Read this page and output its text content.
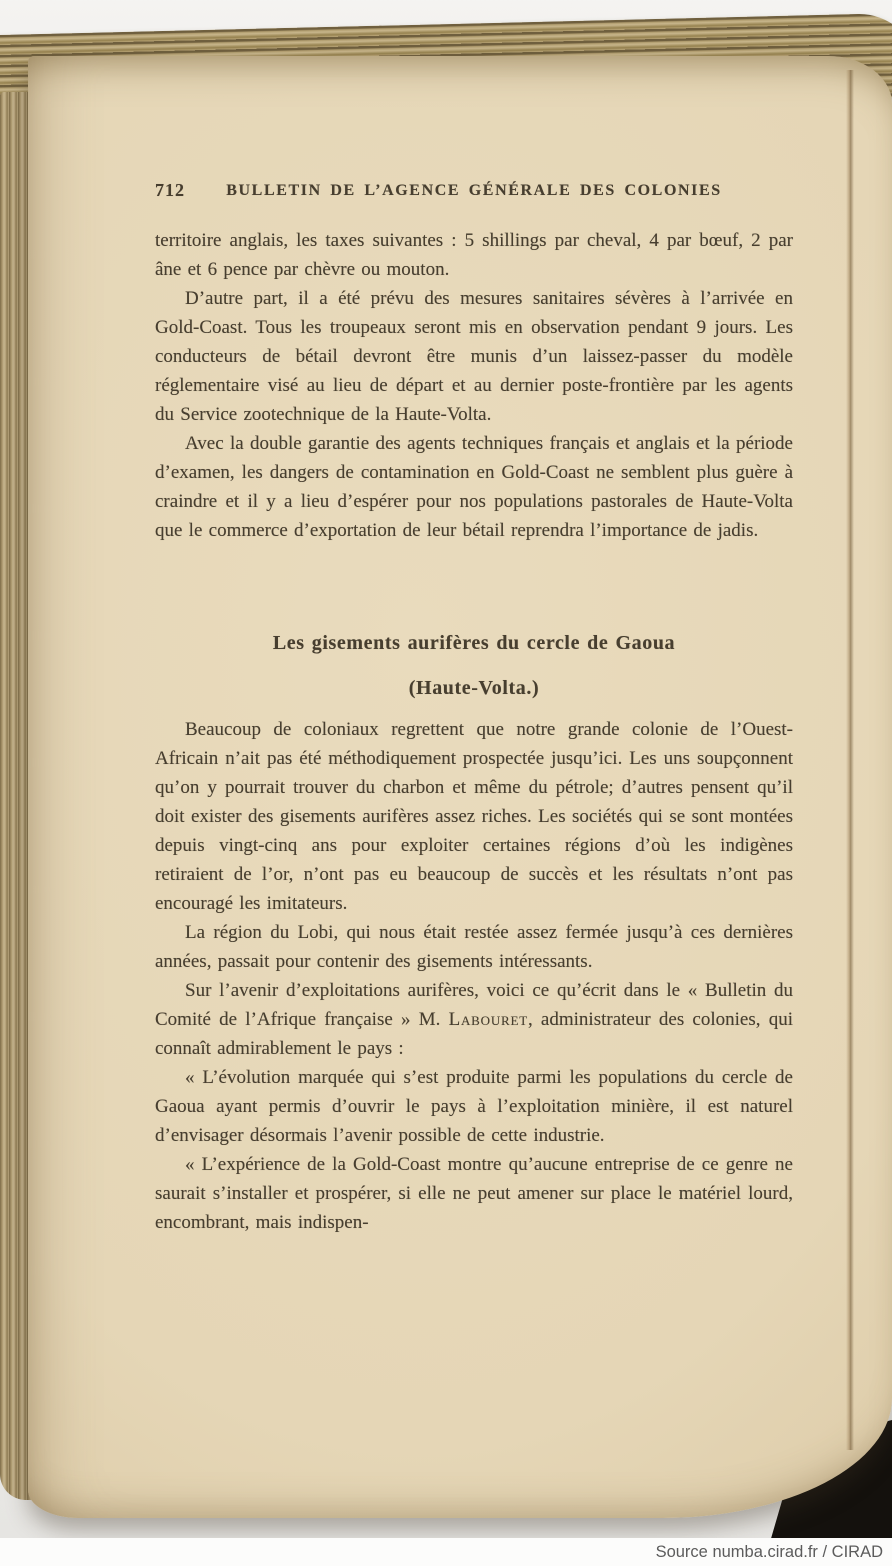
712	BULLETIN DE L’AGENCE GÉNÉRALE DES COLONIES

territoire anglais, les taxes suivantes : 5 shillings par cheval, 4 par bœuf, 2 par âne et 6 pence par chèvre ou mouton.

D’autre part, il a été prévu des mesures sanitaires sévères à l’arrivée en Gold-Coast. Tous les troupeaux seront mis en observation pendant 9 jours. Les conducteurs de bétail devront être munis d’un laissez-passer du modèle réglementaire visé au lieu de départ et au dernier poste-frontière par les agents du Service zootechnique de la Haute-Volta.

Avec la double garantie des agents techniques français et anglais et la période d’examen, les dangers de contamination en Gold-Coast ne semblent plus guère à craindre et il y a lieu d’espérer pour nos populations pastorales de Haute-Volta que le commerce d’exportation de leur bétail reprendra l’importance de jadis.

Les gisements aurifères du cercle de Gaoua
(Haute-Volta.)

Beaucoup de coloniaux regrettent que notre grande colonie de l’Ouest-Africain n’ait pas été méthodiquement prospectée jusqu’ici. Les uns soupçonnent qu’on y pourrait trouver du charbon et même du pétrole; d’autres pensent qu’il doit exister des gisements aurifères assez riches. Les sociétés qui se sont montées depuis vingt-cinq ans pour exploiter certaines régions d’où les indigènes retiraient de l’or, n’ont pas eu beaucoup de succès et les résultats n’ont pas encouragé les imitateurs.

La région du Lobi, qui nous était restée assez fermée jusqu’à ces dernières années, passait pour contenir des gisements intéressants.

Sur l’avenir d’exploitations aurifères, voici ce qu’écrit dans le « Bulletin du Comité de l’Afrique française » M. Labouret, administrateur des colonies, qui connaît admirablement le pays :

« L’évolution marquée qui s’est produite parmi les populations du cercle de Gaoua ayant permis d’ouvrir le pays à l’exploitation minière, il est naturel d’envisager désormais l’avenir possible de cette industrie.

« L’expérience de la Gold-Coast montre qu’aucune entreprise de ce genre ne saurait s’installer et prospérer, si elle ne peut amener sur place le matériel lourd, encombrant, mais indispen-

Source numba.cirad.fr / CIRAD
